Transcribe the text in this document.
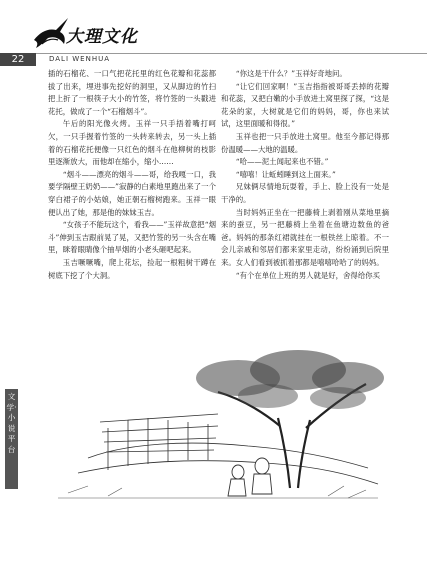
大理文化
22	DALI WENHUA

插的石榴花、一口气把花托里的红色花瓣和花蕊都拔了出来，埋进事先挖好的洞里，又从脚边的竹扫把上折了一根筷子大小的竹签，将竹签的一头戳进花托，做成了一个“石榴烟斗”。

午后的阳光像火烤。玉祥一只手捂着嘴打呵欠，一只手握着竹签的一头转来转去，另一头上插着的石榴花托便像一只红色的烟斗在他柳树的枝影里逐渐放大，而他却在缩小，缩小……

“烟斗——漂亮的烟斗——哥，给我嘎一口，我要学隔壁王奶奶——”寂静的白素地里跑出来了一个穿白裙子的小姑娘，她正朝石榴树跑来。玉祥一眼便认出了她，那是他的妹妹玉吉。

“女孩子不能玩这个，看我——”玉祥故意把“烟斗”伸到玉吉跟前晃了晃，又把竹签的另一头含在嘴里，眯着眼睛像个抽旱烟的小老头砸吧起来。

玉吉噘噘嘴，爬上花坛，捡起一根粗树干蹲在树底下挖了个大洞。

“你这是干什么？”玉祥好奇地问。

“让它们回家啊！”玉吉指指被哥哥丢掉的花瓣和花蕊，又把白嫩的小手放进土窝里探了探，“这是花朵的家，大树就是它们的妈妈，哥，你也来试试，这里面暖和得很。”

玉祥也把一只手放进土窝里。他至今都记得那份温暖——大地的温暖。

“哈——泥土闻起来也不错。”

“嘻嘻！让蚯蚓睡到这上面来。”

兄妹俩尽情地玩耍着，手上、脸上没有一处是干净的。

当时妈妈正坐在一把藤椅上剥着刚从菜地里摘来的蚕豆，另一把藤椅上坐着在鱼塘边数鱼的爸爸。妈妈的那条红裙就挂在一根铁丝上晾着。不一会儿亲戚和邻居们都来家里走动，纷纷涌到后院里来。女人们看到被抓着那都是嘻嘻哈哈了的妈妈。

“有个在单位上班的男人就是好，舍得给你买

文学·小说平台
